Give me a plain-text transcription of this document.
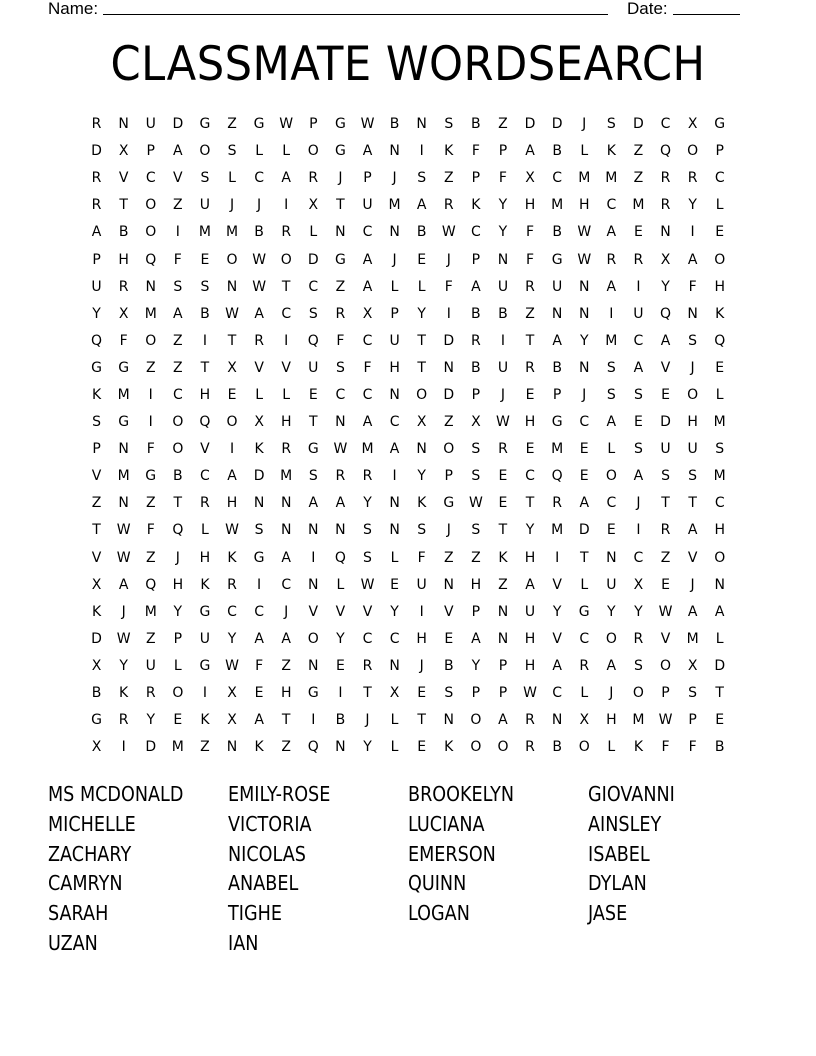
Name:	Date:
CLASSMATE WORDSEARCH
R	N	U	D	G	Z	G	W	P	G	W	B	N	S	B	Z	D	D	J	S	D	C	X	G
D	X	P	A	O	S	L	L	O	G	A	N	I	K	F	P	A	B	L	K	Z	Q	O	P
R	V	C	V	S	L	C	A	R	J	P	J	S	Z	P	F	X	C	M	M	Z	R	R	C
R	T	O	Z	U	J	J	I	X	T	U	M	A	R	K	Y	H	M	H	C	M	R	Y	L
A	B	O	I	M	M	B	R	L	N	C	N	B	W	C	Y	F	B	W	A	E	N	I	E
P	H	Q	F	E	O	W	O	D	G	A	J	E	J	P	N	F	G	W	R	R	X	A	O
U	R	N	S	S	N	W	T	C	Z	A	L	L	F	A	U	R	U	N	A	I	Y	F	H
Y	X	M	A	B	W	A	C	S	R	X	P	Y	I	B	B	Z	N	N	I	U	Q	N	K
Q	F	O	Z	I	T	R	I	Q	F	C	U	T	D	R	I	T	A	Y	M	C	A	S	Q
G	G	Z	Z	T	X	V	V	U	S	F	H	T	N	B	U	R	B	N	S	A	V	J	E
K	M	I	C	H	E	L	L	E	C	C	N	O	D	P	J	E	P	J	S	S	E	O	L
S	G	I	O	Q	O	X	H	T	N	A	C	X	Z	X	W	H	G	C	A	E	D	H	M
P	N	F	O	V	I	K	R	G	W	M	A	N	O	S	R	E	M	E	L	S	U	U	S
V	M	G	B	C	A	D	M	S	R	R	I	Y	P	S	E	C	Q	E	O	A	S	S	M
Z	N	Z	T	R	H	N	N	A	A	Y	N	K	G	W	E	T	R	A	C	J	T	T	C
T	W	F	Q	L	W	S	N	N	N	S	N	S	J	S	T	Y	M	D	E	I	R	A	H
V	W	Z	J	H	K	G	A	I	Q	S	L	F	Z	Z	K	H	I	T	N	C	Z	V	O
X	A	Q	H	K	R	I	C	N	L	W	E	U	N	H	Z	A	V	L	U	X	E	J	N
K	J	M	Y	G	C	C	J	V	V	V	Y	I	V	P	N	U	Y	G	Y	Y	W	A	A
D	W	Z	P	U	Y	A	A	O	Y	C	C	H	E	A	N	H	V	C	O	R	V	M	L
X	Y	U	L	G	W	F	Z	N	E	R	N	J	B	Y	P	H	A	R	A	S	O	X	D
B	K	R	O	I	X	E	H	G	I	T	X	E	S	P	P	W	C	L	J	O	P	S	T
G	R	Y	E	K	X	A	T	I	B	J	L	T	N	O	A	R	N	X	H	M	W	P	E
X	I	D	M	Z	N	K	Z	Q	N	Y	L	E	K	O	O	R	B	O	L	K	F	F	B
MS MCDONALD	EMILY-ROSE	BROOKELYN	GIOVANNI
MICHELLE	VICTORIA	LUCIANA	AINSLEY
ZACHARY	NICOLAS	EMERSON	ISABEL
CAMRYN	ANABEL	QUINN	DYLAN
SARAH	TIGHE	LOGAN	JASE
UZAN	IAN
